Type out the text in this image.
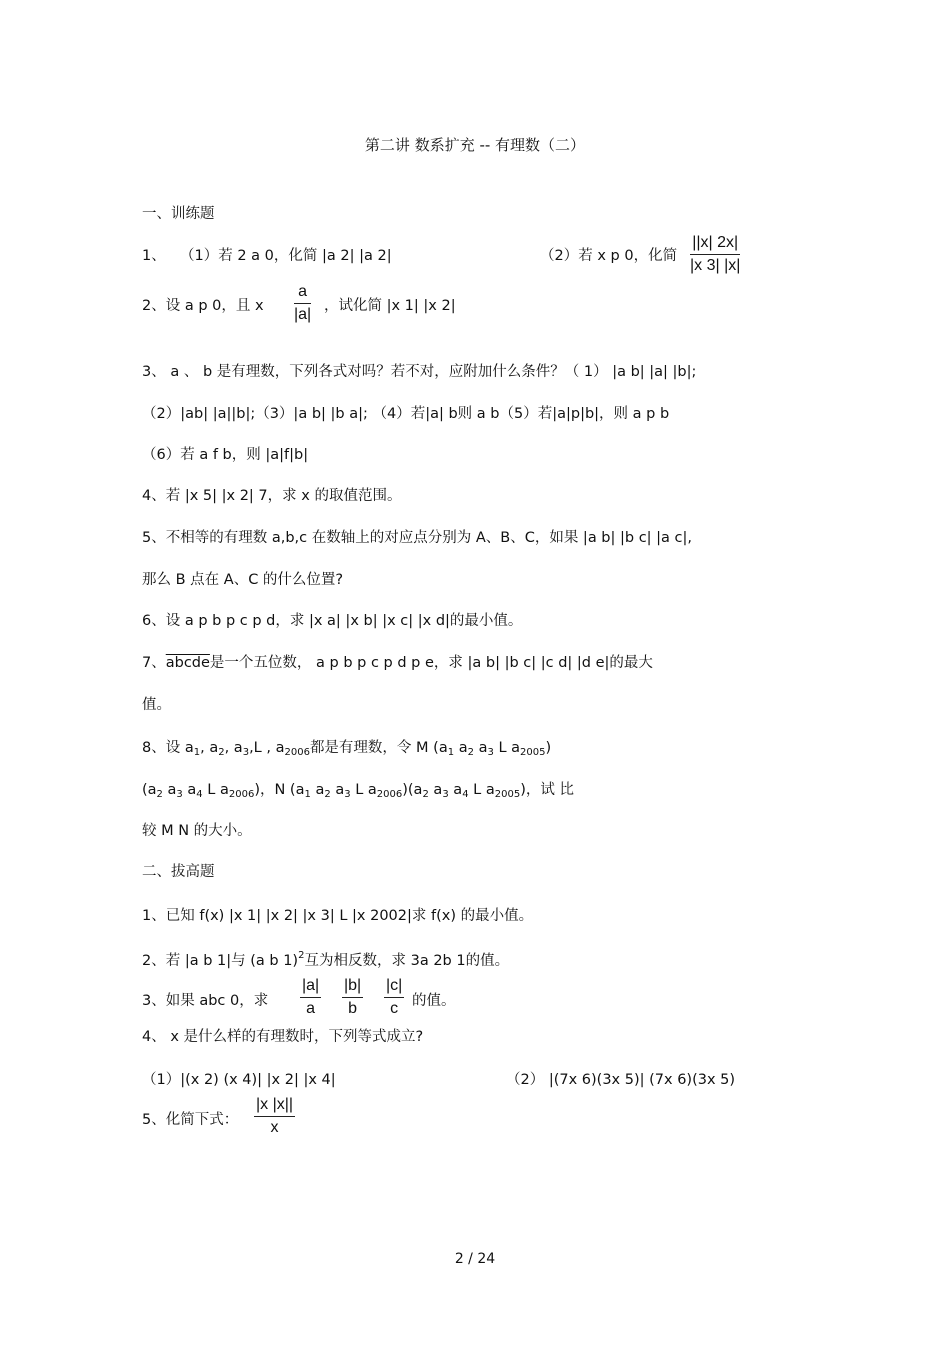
第二讲 数系扩充 -- 有理数（二）
一、训练题
1、 （1）若 2 a 0，化简 |a 2| |a 2|	（2）若 x p 0，化简 $\frac{||x| 2x|}{|x 3| |x|}$
2、设 a p 0，且 x $\frac{a}{|a|}$ ，试化简 |x 1| |x 2|
3、 a 、 b 是有理数，下列各式对吗？若不对，应附加什么条件？（ 1） |a b| |a| |b|;
（2）|ab| |a||b|;（3）|a b| |b a|; （4）若|a| b则 a b（5）若|a|p|b|，则 a p b
（6）若 a f b，则 |a|f|b|
4、若 |x 5| |x 2| 7，求 x 的取值范围。
5、不相等的有理数 a,b,c 在数轴上的对应点分别为 A、B、C，如果 |a b| |b c| |a c|,
那么 B 点在 A、C 的什么位置?
6、设 a p b p c p d，求 |x a| |x b| |x c| |x d|的最小值。
7、abcde是一个五位数， a p b p c p d p e，求 |a b| |b c| |c d| |d e|的最大
值。
8、设 $a_1$, $a_2$, $a_3,L$ , $a_{2006}$都是有理数，令 M ($a_1$ $a_2$ $a_3$ L $a_{2005}$)
($a_2$ $a_3$ $a_4$ L $a_{2006}$)，N ($a_1$ $a_2$ $a_3$ L $a_{2006})(a_2$ $a_3$ $a_4$ L $a_{2005}$)，试 比
较 M N 的大小。
二、拔高题
1、已知 f(x) |x 1| |x 2| |x 3| L |x 2002|求 f(x) 的最小值。
2、若 |a b 1|与 (a b 1)$^2$互为相反数，求 3a 2b 1的值。
3、如果 abc 0，求 $\frac{|a|}{a} \frac{|b|}{b} \frac{|c|}{c}$ 的值。
4、 x 是什么样的有理数时，下列等式成立?
（1）|(x 2) (x 4)| |x 2| |x 4|	（2） |(7x 6)(3x 5)| (7x 6)(3x 5)
5、化简下式： $\frac{|x |x||}{x}$
2 / 24
